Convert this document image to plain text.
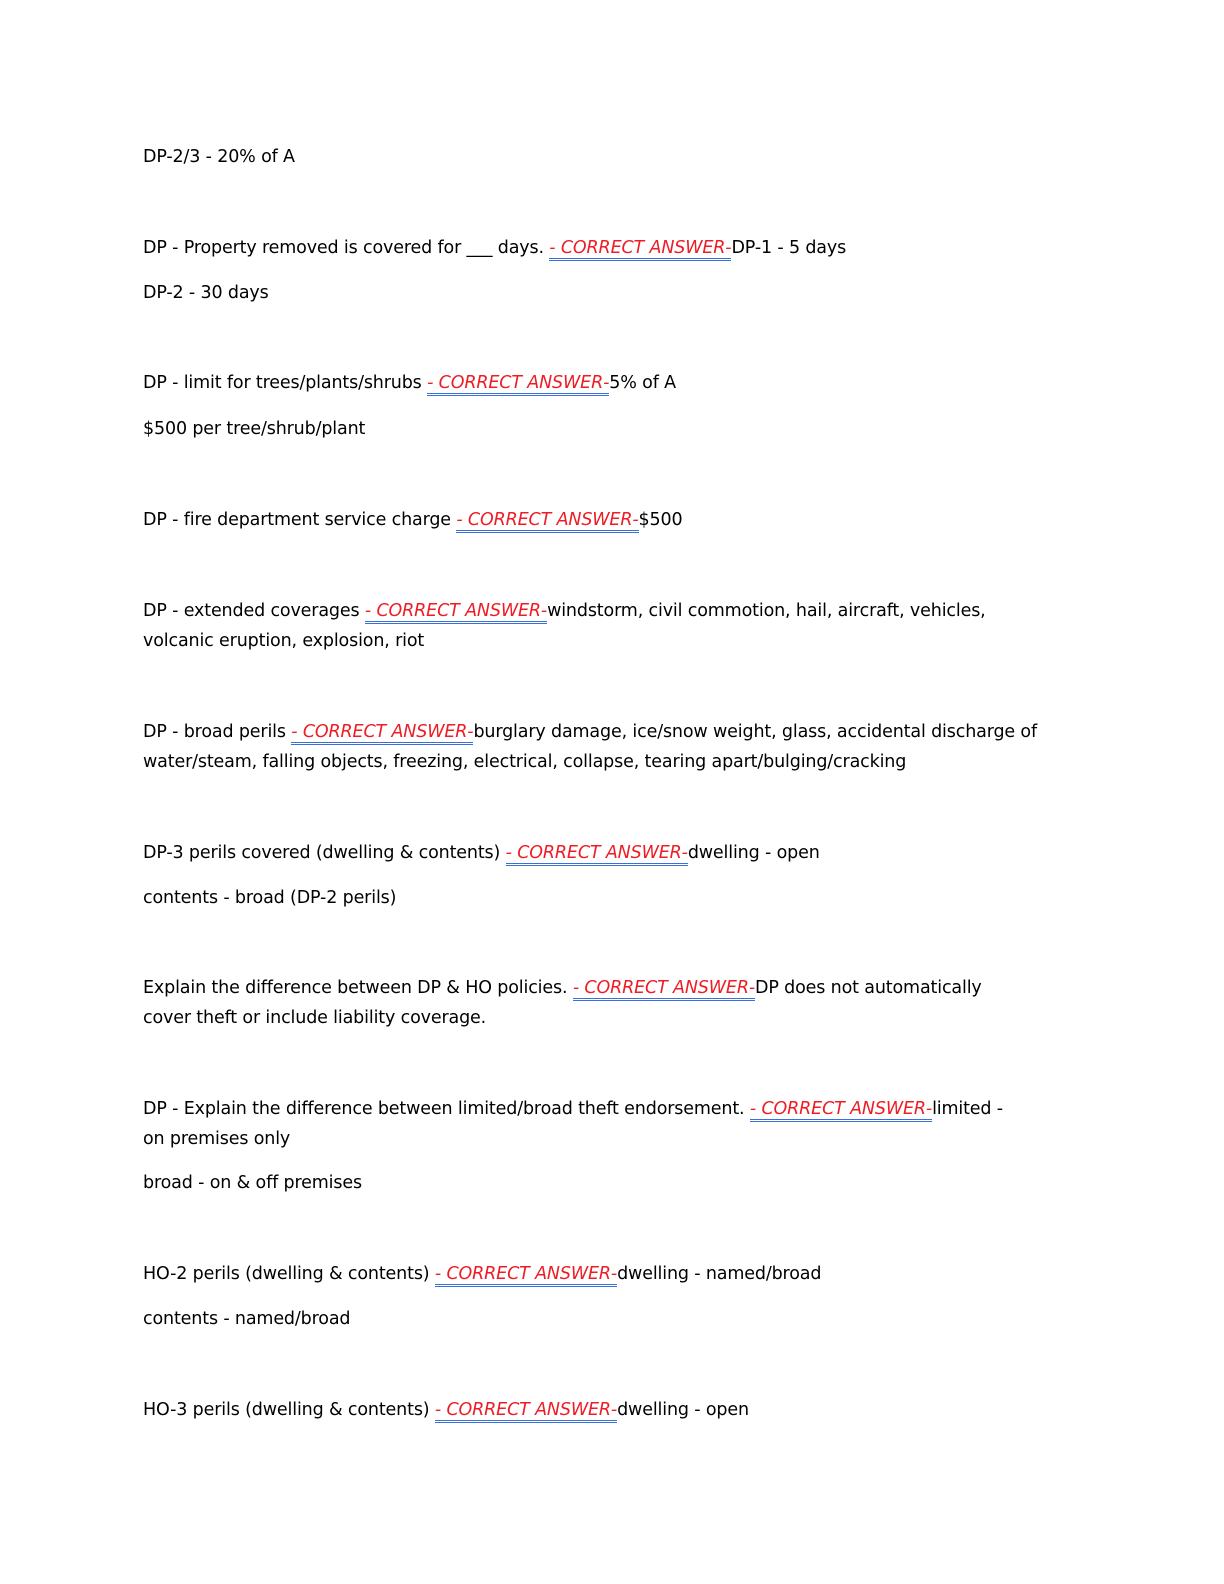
DP-2/3 - 20% of A
DP - Property removed is covered for ___ days. - CORRECT ANSWER-DP-1 - 5 days
DP-2 - 30 days
DP - limit for trees/plants/shrubs - CORRECT ANSWER-5% of A
$500 per tree/shrub/plant
DP - fire department service charge - CORRECT ANSWER-$500
DP - extended coverages - CORRECT ANSWER-windstorm, civil commotion, hail, aircraft, vehicles,
volcanic eruption, explosion, riot
DP - broad perils - CORRECT ANSWER-burglary damage, ice/snow weight, glass, accidental discharge of
water/steam, falling objects, freezing, electrical, collapse, tearing apart/bulging/cracking
DP-3 perils covered (dwelling & contents) - CORRECT ANSWER-dwelling - open
contents - broad (DP-2 perils)
Explain the difference between DP & HO policies. - CORRECT ANSWER-DP does not automatically
cover theft or include liability coverage.
DP - Explain the difference between limited/broad theft endorsement. - CORRECT ANSWER-limited -
on premises only
broad - on & off premises
HO-2 perils (dwelling & contents) - CORRECT ANSWER-dwelling - named/broad
contents - named/broad
HO-3 perils (dwelling & contents) - CORRECT ANSWER-dwelling - open
